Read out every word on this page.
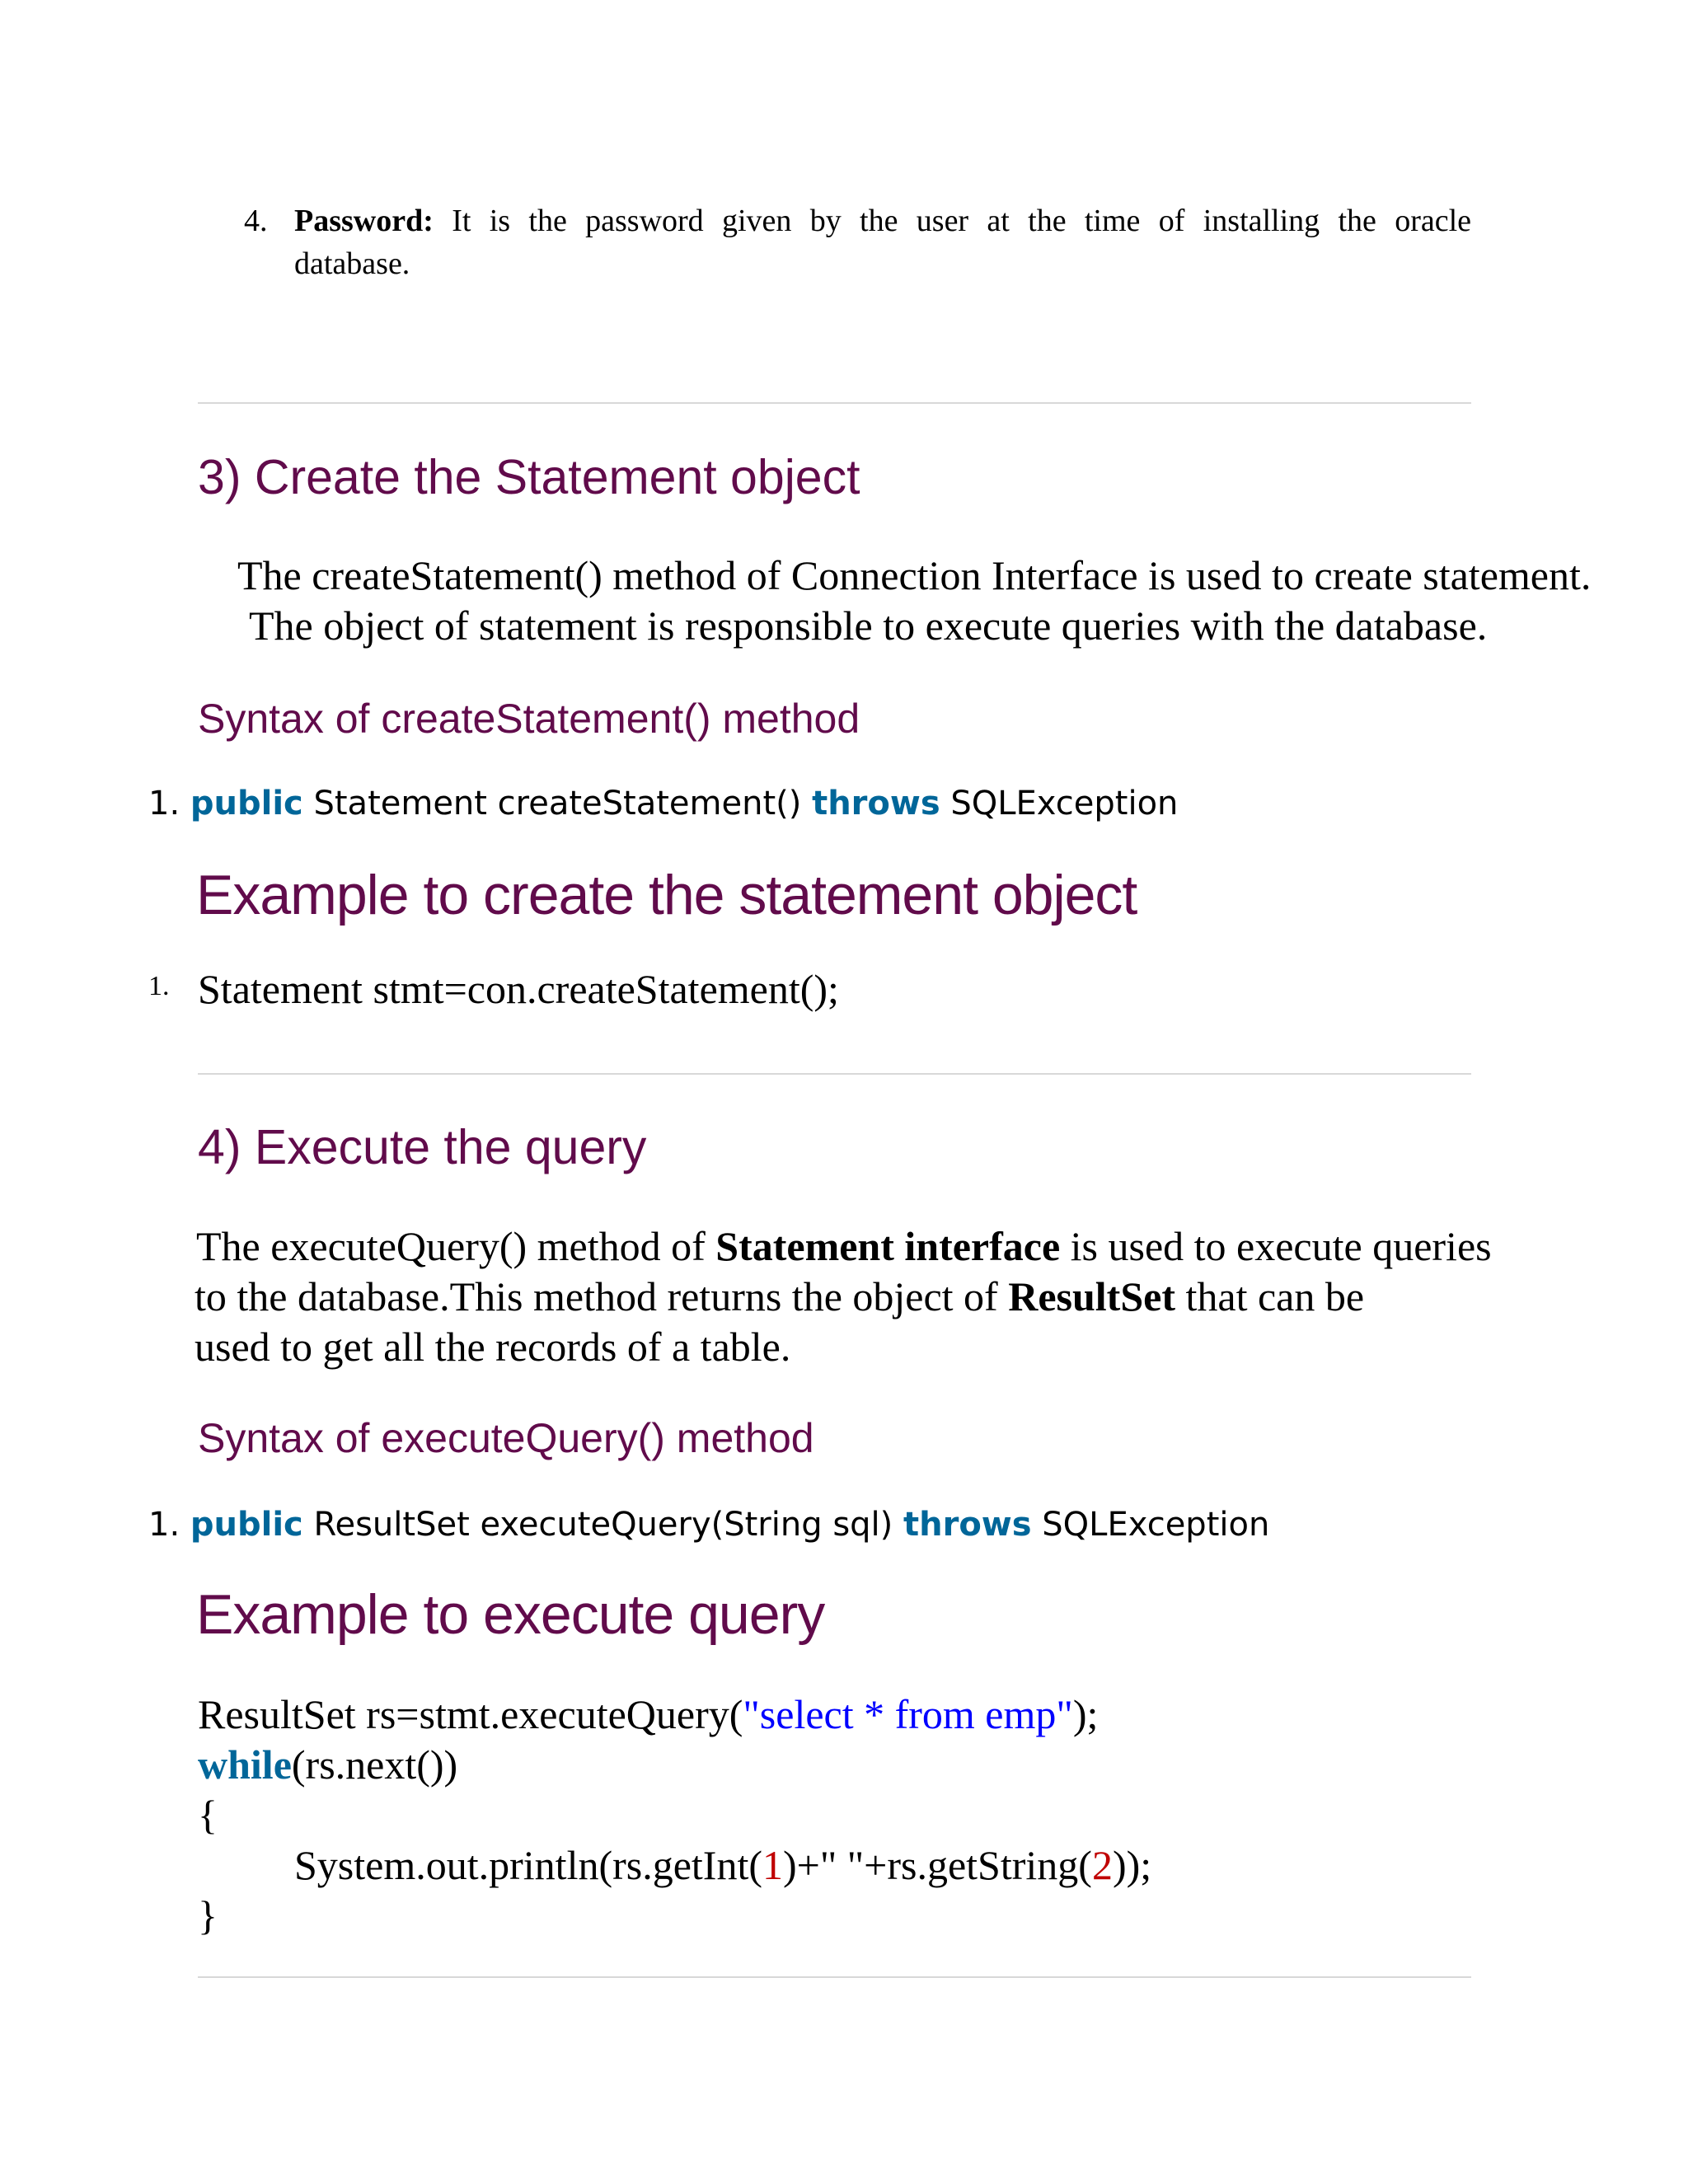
4. Password: It is the password given by the user at the time of installing the oracle
database.
3) Create the Statement object
The createStatement() method of Connection Interface is used to create statement.
The object of statement is responsible to execute queries with the database.
Syntax of createStatement() method
1. public Statement createStatement() throws SQLException
Example to create the statement object
1. Statement stmt=con.createStatement();
4) Execute the query
The executeQuery() method of Statement interface is used to execute queries
to the database.This method returns the object of ResultSet that can be
used to get all the records of a table.
Syntax of executeQuery() method
1. public ResultSet executeQuery(String sql) throws SQLException
Example to execute query
ResultSet rs=stmt.executeQuery("select * from emp");
while(rs.next())
{
System.out.println(rs.getInt(1)+" "+rs.getString(2));
}
